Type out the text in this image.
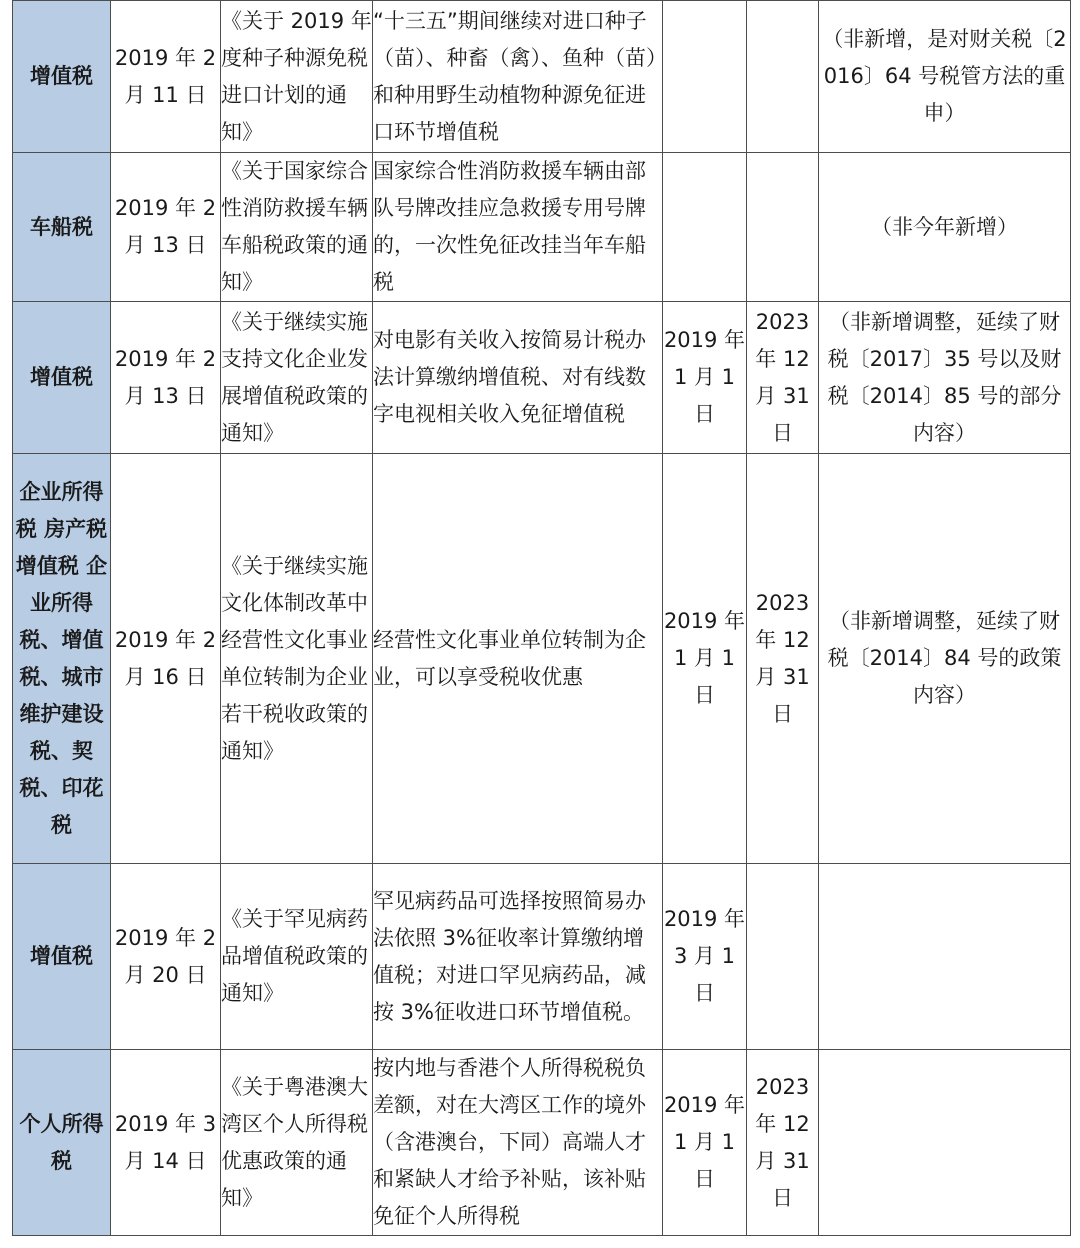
增值税	2019 年 2 月 11 日	《关于 2019 年度种子种源免税进口计划的通知》	“十三五”期间继续对进口种子（苗）、种畜（禽）、鱼种（苗）和种用野生动植物种源免征进口环节增值税			（非新增，是对财关税〔2016〕64 号税管方法的重申）

车船税	2019 年 2 月 13 日	《关于国家综合性消防救援车辆车船税政策的通知》	国家综合性消防救援车辆由部队号牌改挂应急救援专用号牌的，一次性免征改挂当年车船税			（非今年新增）

增值税	2019 年 2 月 13 日	《关于继续实施支持文化企业发展增值税政策的通知》	对电影有关收入按简易计税办法计算缴纳增值税、对有线数字电视相关收入免征增值税	2019 年 1 月 1 日	2023 年 12 月 31 日	（非新增调整，延续了财税〔2017〕35 号以及财税〔2014〕85 号的部分内容）

企业所得税 房产税 增值税 企业所得税、增值税、城市维护建设税、契税、印花税	2019 年 2 月 16 日	《关于继续实施文化体制改革中经营性文化事业单位转制为企业若干税收政策的通知》	经营性文化事业单位转制为企业，可以享受税收优惠	2019 年 1 月 1 日	2023 年 12 月 31 日	（非新增调整，延续了财税〔2014〕84 号的政策内容）

增值税	2019 年 2 月 20 日	《关于罕见病药品增值税政策的通知》	罕见病药品可选择按照简易办法依照 3%征收率计算缴纳增值税；对进口罕见病药品，减按 3%征收进口环节增值税。	2019 年 3 月 1 日		

个人所得税	2019 年 3 月 14 日	《关于粤港澳大湾区个人所得税优惠政策的通知》	按内地与香港个人所得税税负差额，对在大湾区工作的境外（含港澳台，下同）高端人才和紧缺人才给予补贴，该补贴免征个人所得税	2019 年 1 月 1 日	2023 年 12 月 31 日	
